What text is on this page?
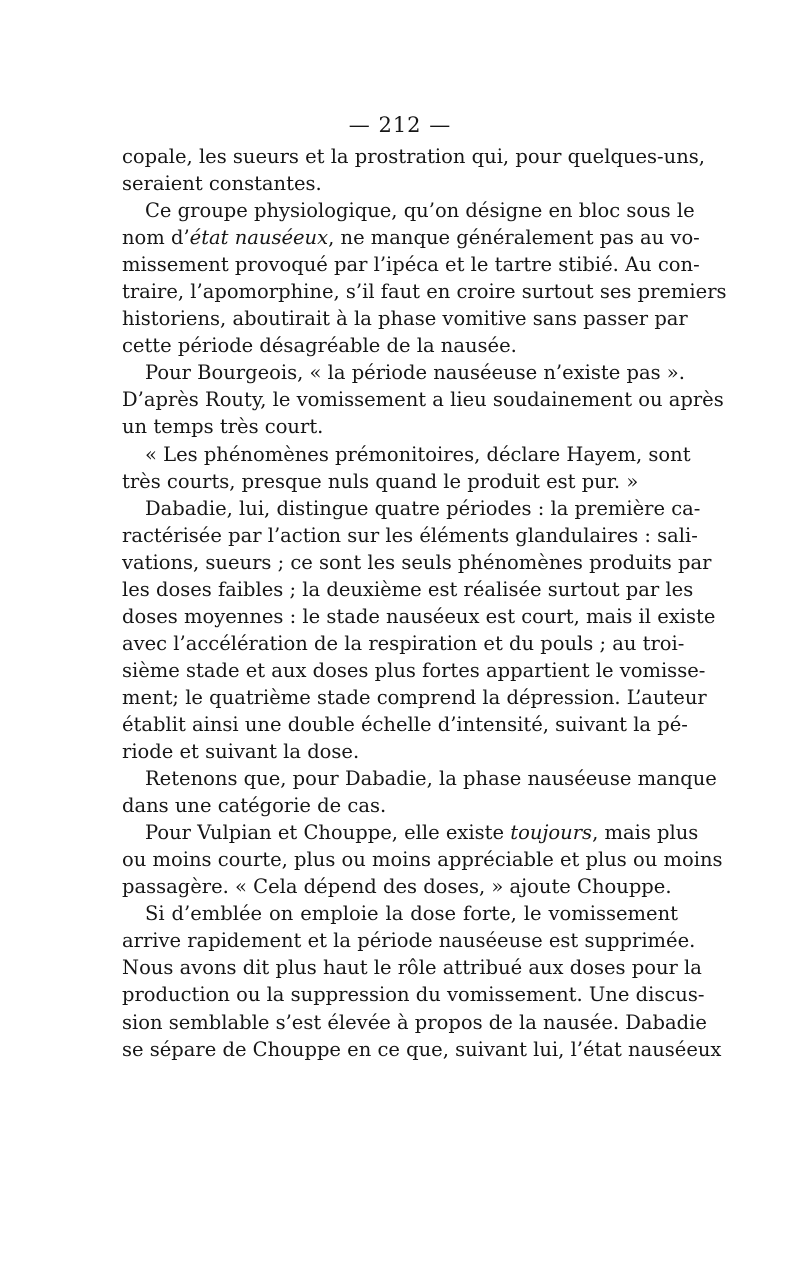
— 212 —
copale, les sueurs et la prostration qui, pour quelques-uns,
seraient constantes.
Ce groupe physiologique, qu’on désigne en bloc sous le
nom d’état nauséeux, ne manque généralement pas au vo-
missement provoqué par l’ipéca et le tartre stibié. Au con-
traire, l’apomorphine, s’il faut en croire surtout ses premiers
historiens, aboutirait à la phase vomitive sans passer par
cette période désagréable de la nausée.
Pour Bourgeois, « la période nauséeuse n’existe pas ».
D’après Routy, le vomissement a lieu soudainement ou après
un temps très court.
« Les phénomènes prémonitoires, déclare Hayem, sont
très courts, presque nuls quand le produit est pur. »
Dabadie, lui, distingue quatre périodes : la première ca-
ractérisée par l’action sur les éléments glandulaires : sali-
vations, sueurs ; ce sont les seuls phénomènes produits par
les doses faibles ; la deuxième est réalisée surtout par les
doses moyennes : le stade nauséeux est court, mais il existe
avec l’accélération de la respiration et du pouls ; au troi-
sième stade et aux doses plus fortes appartient le vomisse-
ment; le quatrième stade comprend la dépression. L’auteur
établit ainsi une double échelle d’intensité, suivant la pé-
riode et suivant la dose.
Retenons que, pour Dabadie, la phase nauséeuse manque
dans une catégorie de cas.
Pour Vulpian et Chouppe, elle existe toujours, mais plus
ou moins courte, plus ou moins appréciable et plus ou moins
passagère. « Cela dépend des doses, » ajoute Chouppe.
Si d’emblée on emploie la dose forte, le vomissement
arrive rapidement et la période nauséeuse est supprimée.
Nous avons dit plus haut le rôle attribué aux doses pour la
production ou la suppression du vomissement. Une discus-
sion semblable s’est élevée à propos de la nausée. Dabadie
se sépare de Chouppe en ce que, suivant lui, l’état nauséeux
